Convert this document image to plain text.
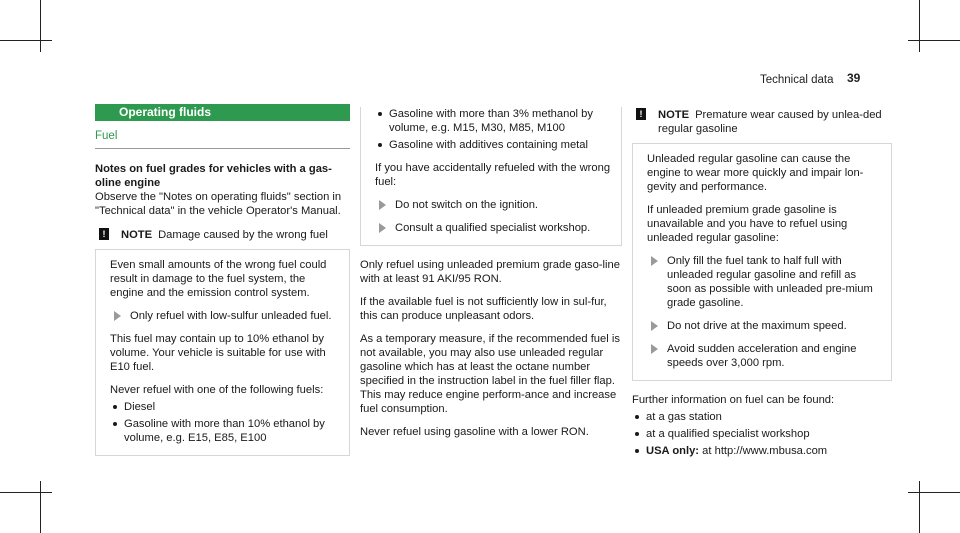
Technical data 39
Operating fluids
Fuel
Notes on fuel grades for vehicles with a gas-oline engine

Observe the "Notes on operating fluids" section in "Technical data" in the vehicle Operator's Manual.

!	NOTE Damage caused by the wrong fuel

Even small amounts of the wrong fuel could result in damage to the fuel system, the engine and the emission control system.

Only refuel with low-sulfur unleaded fuel.

This fuel may contain up to 10% ethanol by volume. Your vehicle is suitable for use with E10 fuel.

Never refuel with one of the following fuels:

Diesel
Gasoline with more than 10% ethanol by volume, e.g. E15, E85, E100
Gasoline with more than 3% methanol by volume, e.g. M15, M30, M85, M100
Gasoline with additives containing metal

If you have accidentally refueled with the wrong fuel:

Do not switch on the ignition.
Consult a qualified specialist workshop.

Only refuel using unleaded premium grade gaso-line with at least 91 AKI/95 RON.

If the available fuel is not sufficiently low in sul-fur, this can produce unpleasant odors.

As a temporary measure, if the recommended fuel is not available, you may also use unleaded regular gasoline which has at least the octane number specified in the instruction label in the fuel filler flap. This may reduce engine perform-ance and increase fuel consumption.

Never refuel using gasoline with a lower RON.

!	NOTE Premature wear caused by unlea-ded regular gasoline

Unleaded regular gasoline can cause the engine to wear more quickly and impair lon-gevity and performance.

If unleaded premium grade gasoline is unavailable and you have to refuel using unleaded regular gasoline:

Only fill the fuel tank to half full with unleaded regular gasoline and refill as soon as possible with unleaded pre-mium grade gasoline.
Do not drive at the maximum speed.
Avoid sudden acceleration and engine speeds over 3,000 rpm.

Further information on fuel can be found:

at a gas station
at a qualified specialist workshop
USA only: at http://www.mbusa.com
